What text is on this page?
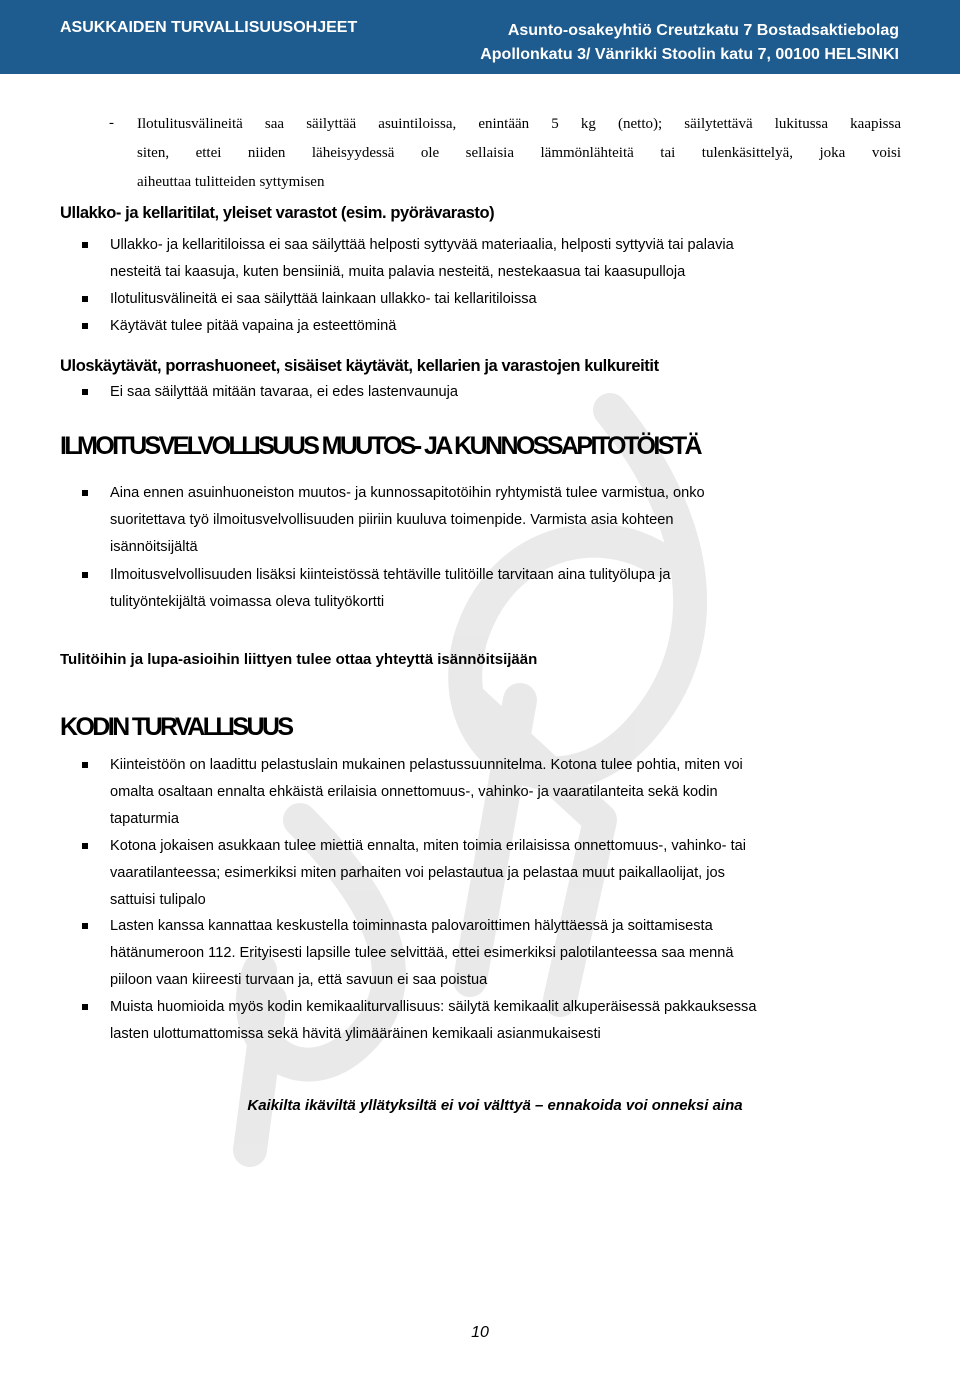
ASUKKAIDEN TURVALLISUUSOHJEET	Asunto-osakeyhtiö Creutzkatu 7 Bostadsaktiebolag
Apollonkatu 3/ Vänrikki Stoolin katu 7, 00100 HELSINKI
-	Ilotulitusvälineitä saa säilyttää asuintiloissa, enintään 5 kg (netto); säilytettävä lukitussa kaapissa
siten, ettei niiden läheisyydessä ole sellaisia lämmönlähteitä tai tulenkäsittelyä, joka voisi
aiheuttaa tulitteiden syttymisen
Ullakko- ja kellaritilat, yleiset varastot (esim. pyörävarasto)
Ullakko- ja kellaritiloissa ei saa säilyttää helposti syttyvää materiaalia, helposti syttyviä tai palavia
nesteitä tai kaasuja, kuten bensiiniä, muita palavia nesteitä, nestekaasua tai kaasupulloja
Ilotulitusvälineitä ei saa säilyttää lainkaan ullakko- tai kellaritiloissa
Käytävät tulee pitää vapaina ja esteettöminä
Uloskäytävät, porrashuoneet, sisäiset käytävät, kellarien ja varastojen kulkureitit
Ei saa säilyttää mitään tavaraa, ei edes lastenvaunuja
ILMOITUSVELVOLLISUUS MUUTOS- JA KUNNOSSAPITOTÖISTÄ
Aina ennen asuinhuoneiston muutos- ja kunnossapitotöihin ryhtymistä tulee varmistua, onko
suoritettava työ ilmoitusvelvollisuuden piiriin kuuluva toimenpide. Varmista asia kohteen
isännöitsijältä
Ilmoitusvelvollisuuden lisäksi kiinteistössä tehtäville tulitöille tarvitaan aina tulityölupa ja
tulityöntekijältä voimassa oleva tulityökortti
Tulitöihin ja lupa-asioihin liittyen tulee ottaa yhteyttä isännöitsijään
KODIN TURVALLISUUS
Kiinteistöön on laadittu pelastuslain mukainen pelastussuunnitelma. Kotona tulee pohtia, miten voi
omalta osaltaan ennalta ehkäistä erilaisia onnettomuus-, vahinko- ja vaaratilanteita sekä kodin
tapaturmia
Kotona jokaisen asukkaan tulee miettiä ennalta, miten toimia erilaisissa onnettomuus-, vahinko- tai
vaaratilanteessa; esimerkiksi miten parhaiten voi pelastautua ja pelastaa muut paikallaolijat, jos
sattuisi tulipalo
Lasten kanssa kannattaa keskustella toiminnasta palovaroittimen hälyttäessä ja soittamisesta
hätänumeroon 112. Erityisesti lapsille tulee selvittää, ettei esimerkiksi palotilanteessa saa mennä
piiloon vaan kiireesti turvaan ja, että savuun ei saa poistua
Muista huomioida myös kodin kemikaaliturvallisuus: säilytä kemikaalit alkuperäisessä pakkauksessa
lasten ulottumattomissa sekä hävitä ylimääräinen kemikaali asianmukaisesti
Kaikilta ikäviltä yllätyksiltä ei voi välttyä – ennakoida voi onneksi aina
10
